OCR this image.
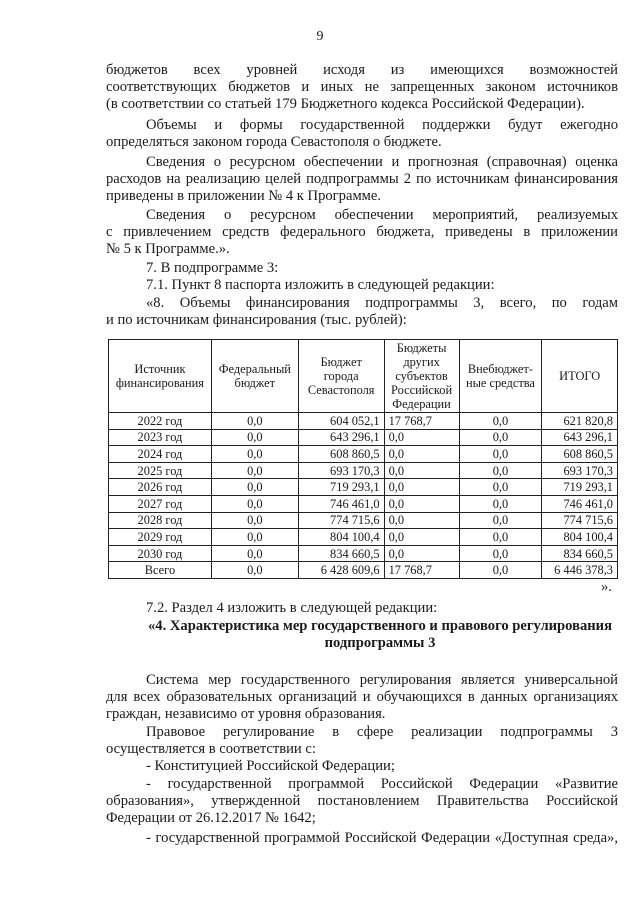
9

бюджетов всех уровней исходя из имеющихся возможностей

соответствующих бюджетов и иных не запрещенных законом источников

(в соответствии со статьей 179 Бюджетного кодекса Российской Федерации).

Объемы и формы государственной поддержки будут ежегодно

определяться законом города Севастополя о бюджете.

Сведения о ресурсном обеспечении и прогнозная (справочная) оценка

расходов на реализацию целей подпрограммы 2 по источникам финансирования

приведены в приложении № 4 к Программе.

Сведения о ресурсном обеспечении мероприятий, реализуемых

с привлечением средств федерального бюджета, приведены в приложении

№ 5 к Программе.».

7. В подпрограмме 3:
7.1. Пункт 8 паспорта изложить в следующей редакции:

«8. Объемы финансирования подпрограммы 3, всего, по годам

и по источникам финансирования (тыс. рублей):

Источник финансирования	Федеральный бюджет	Бюджет города Севастополя	Бюджеты других субъектов Российской Федерации	Внебюджет-ные средства	ИТОГО
2022 год	0,0	604 052,1	17 768,7	0,0	621 820,8
2023 год	0,0	643 296,1	0,0	0,0	643 296,1
2024 год	0,0	608 860,5	0,0	0,0	608 860,5
2025 год	0,0	693 170,3	0,0	0,0	693 170,3
2026 год	0,0	719 293,1	0,0	0,0	719 293,1
2027 год	0,0	746 461,0	0,0	0,0	746 461,0
2028 год	0,0	774 715,6	0,0	0,0	774 715,6
2029 год	0,0	804 100,4	0,0	0,0	804 100,4
2030 год	0,0	834 660,5	0,0	0,0	834 660,5
Всего	0,0	6 428 609,6	17 768,7	0,0	6 446 378,3
».
7.2. Раздел 4 изложить в следующей редакции:

«4. Характеристика мер государственного и правового регулирования

подпрограммы 3

Система мер государственного регулирования является универсальной

для всех образовательных организаций и обучающихся в данных организациях

граждан, независимо от уровня образования.

Правовое регулирование в сфере реализации подпрограммы 3

осуществляется в соответствии с:

- Конституцией Российской Федерации;

- государственной программой Российской Федерации «Развитие

образования», утвержденной постановлением Правительства Российской

Федерации от 26.12.2017 № 1642;

- государственной программой Российской Федерации «Доступная среда»,
